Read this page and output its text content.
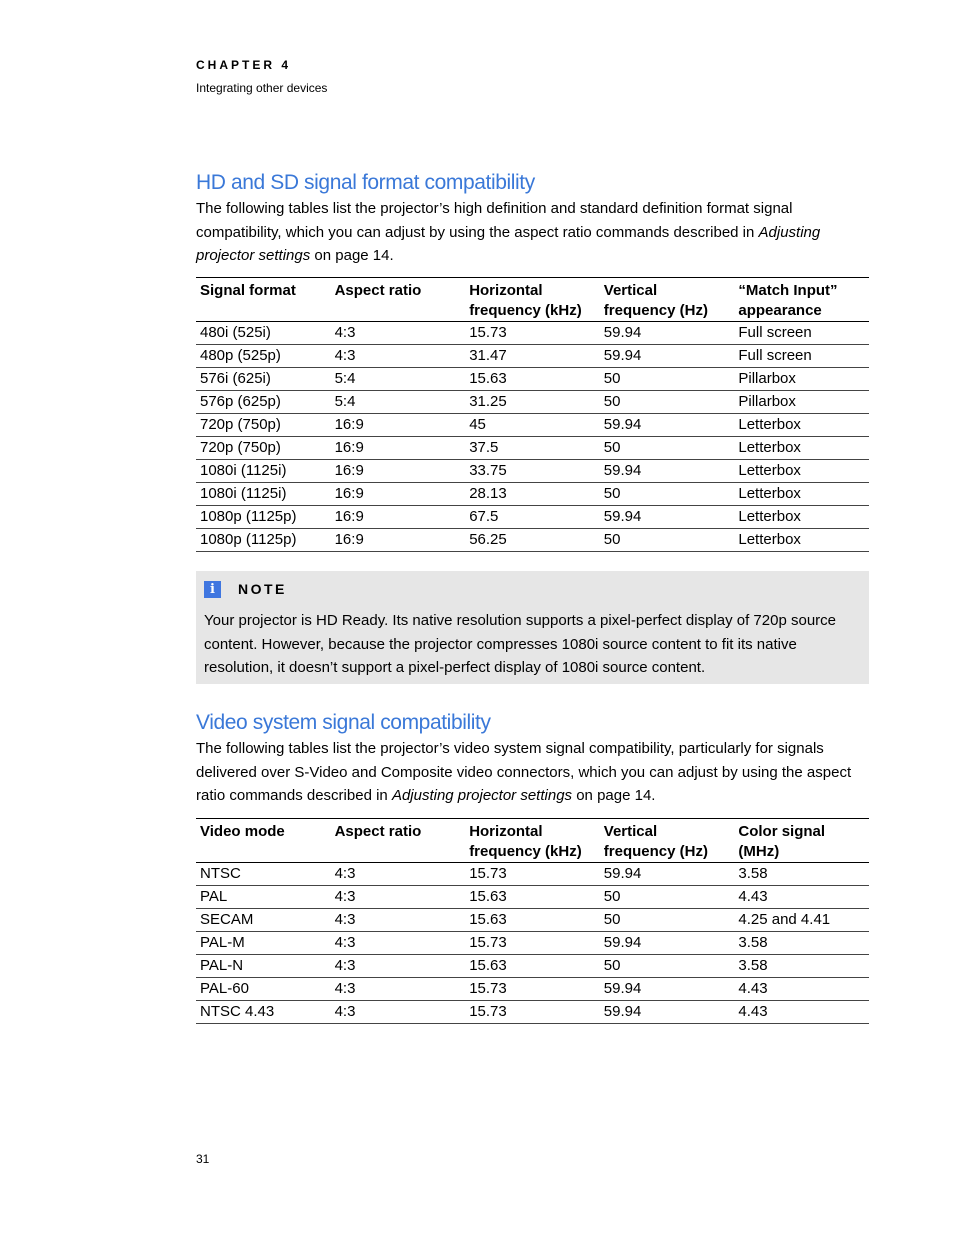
CHAPTER 4
Integrating other devices
HD and SD signal format compatibility

The following tables list the projector’s high definition and standard definition format signal compatibility, which you can adjust by using the aspect ratio commands described in Adjusting projector settings on page 14.

Signal format	Aspect ratio	Horizontal frequency (kHz)	Vertical frequency (Hz)	“Match Input” appearance
480i (525i)	4:3	15.73	59.94	Full screen
480p (525p)	4:3	31.47	59.94	Full screen
576i (625i)	5:4	15.63	50	Pillarbox
576p (625p)	5:4	31.25	50	Pillarbox
720p (750p)	16:9	45	59.94	Letterbox
720p (750p)	16:9	37.5	50	Letterbox
1080i (1125i)	16:9	33.75	59.94	Letterbox
1080i (1125i)	16:9	28.13	50	Letterbox
1080p (1125p)	16:9	67.5	59.94	Letterbox
1080p (1125p)	16:9	56.25	50	Letterbox
i	NOTE

Your projector is HD Ready. Its native resolution supports a pixel-perfect display of 720p source content. However, because the projector compresses 1080i source content to fit its native resolution, it doesn’t support a pixel-perfect display of 1080i source content.

Video system signal compatibility

The following tables list the projector’s video system signal compatibility, particularly for signals delivered over S-Video and Composite video connectors, which you can adjust by using the aspect ratio commands described in Adjusting projector settings on page 14.

Video mode	Aspect ratio	Horizontal frequency (kHz)	Vertical frequency (Hz)	Color signal (MHz)
NTSC	4:3	15.73	59.94	3.58
PAL	4:3	15.63	50	4.43
SECAM	4:3	15.63	50	4.25 and 4.41
PAL-M	4:3	15.73	59.94	3.58
PAL-N	4:3	15.63	50	3.58
PAL-60	4:3	15.73	59.94	4.43
NTSC 4.43	4:3	15.73	59.94	4.43
31
